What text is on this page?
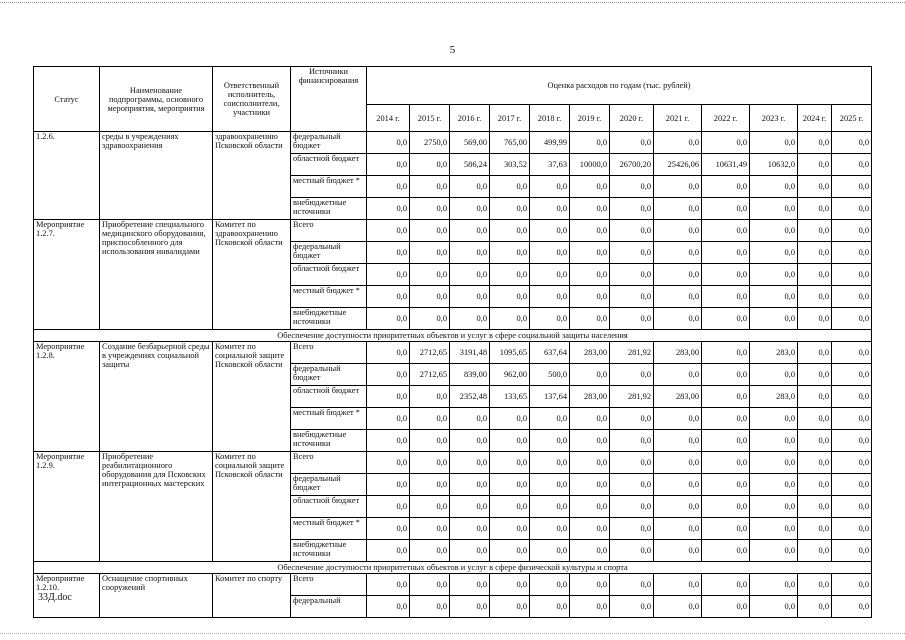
5
Статус	Наименование подпрограммы, основного мероприятия, мероприятия	Ответственный исполнитель, соисполнители, участники	Источники финансирования	Оценка расходов по годам (тыс. рублей)											
				2014 г.	2015 г.	2016 г.	2017 г.	2018 г.	2019 г.	2020 г.	2021 г.	2022 г.	2023 г.	2024 г.	2025 г.
1.2.6.	среды в учреждениях здравоохранения	здравоохранению Псковской области	федеральный бюджет	0,0	2750,0	569,00	765,00	499,99	0,0	0,0	0,0	0,0	0,0	0,0	0,0
			областной бюджет	0,0	0,0	586,24	303,52	37,63	10000,0	26700,20	25426,06	10631,49	10632,0	0,0	0,0
			местный бюджет *	0,0	0,0	0,0	0,0	0,0	0,0	0,0	0,0	0,0	0,0	0,0	0,0
			внебюджетные источники	0,0	0,0	0,0	0,0	0,0	0,0	0,0	0,0	0,0	0,0	0,0	0,0
Мероприятие 1.2.7.	Приобретение специального медицинского оборудования, приспособленного для использования инвалидами	Комитет по здравоохранению Псковской области	Всего	0,0	0,0	0,0	0,0	0,0	0,0	0,0	0,0	0,0	0,0	0,0	0,0
			федеральный бюджет	0,0	0,0	0,0	0,0	0,0	0,0	0,0	0,0	0,0	0,0	0,0	0,0
			областной бюджет	0,0	0,0	0,0	0,0	0,0	0,0	0,0	0,0	0,0	0,0	0,0	0,0
			местный бюджет *	0,0	0,0	0,0	0,0	0,0	0,0	0,0	0,0	0,0	0,0	0,0	0,0
			внебюджетные источники	0,0	0,0	0,0	0,0	0,0	0,0	0,0	0,0	0,0	0,0	0,0	0,0
Обеспечение доступности приоритетных объектов и услуг в сфере социальной защиты населения															
Мероприятие 1.2.8.	Создание безбарьерной среды в учреждениях социальной защиты	Комитет по социальной защите Псковской области	Всего	0,0	2712,65	3191,48	1095,65	637,64	283,00	281,92	283,00	0,0	283,0	0,0	0,0
			федеральный бюджет	0,0	2712,65	839,00	962,00	500,0	0,0	0,0	0,0	0,0	0,0	0,0	0,0
			областной бюджет	0,0	0,0	2352,48	133,65	137,64	283,00	281,92	283,00	0,0	283,0	0,0	0,0
			местный бюджет *	0,0	0,0	0,0	0,0	0,0	0,0	0,0	0,0	0,0	0,0	0,0	0,0
			внебюджетные источники	0,0	0,0	0,0	0,0	0,0	0,0	0,0	0,0	0,0	0,0	0,0	0,0
Мероприятие 1.2.9.	Приобретение реабилитационного оборудования для Псковских интеграционных мастерских	Комитет по социальной защите Псковской области	Всего	0,0	0,0	0,0	0,0	0,0	0,0	0,0	0,0	0,0	0,0	0,0	0,0
			федеральный бюджет	0,0	0,0	0,0	0,0	0,0	0,0	0,0	0,0	0,0	0,0	0,0	0,0
			областной бюджет	0,0	0,0	0,0	0,0	0,0	0,0	0,0	0,0	0,0	0,0	0,0	0,0
			местный бюджет *	0,0	0,0	0,0	0,0	0,0	0,0	0,0	0,0	0,0	0,0	0,0	0,0
			внебюджетные источники	0,0	0,0	0,0	0,0	0,0	0,0	0,0	0,0	0,0	0,0	0,0	0,0
Обеспечение доступности приоритетных объектов и услуг в сфере физической культуры и спорта															
Мероприятие 1.2.10.	Оснащение спортивных сооружений	Комитет по спорту	Всего	0,0	0,0	0,0	0,0	0,0	0,0	0,0	0,0	0,0	0,0	0,0	0,0
			федеральный	0,0	0,0	0,0	0,0	0,0	0,0	0,0	0,0	0,0	0,0	0,0	0,0
33Д.doc
